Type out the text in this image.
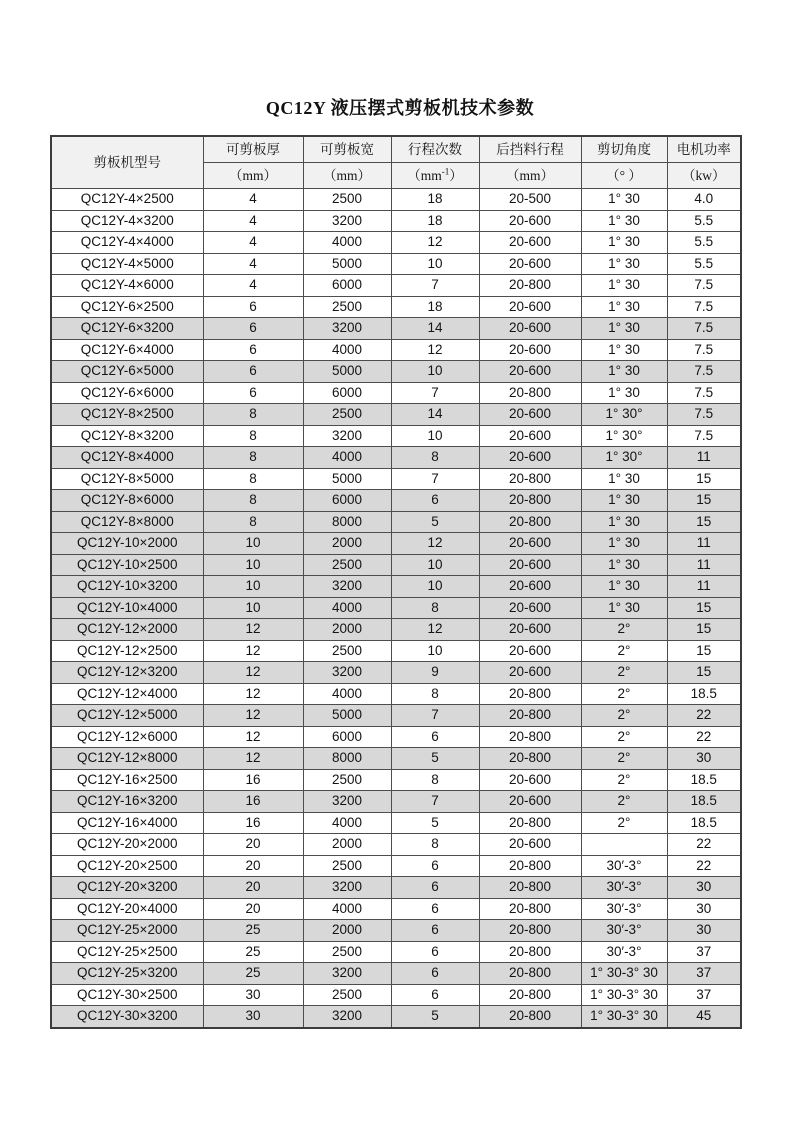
QC12Y 液压摆式剪板机技术参数
剪板机型号	可剪板厚	可剪板宽	行程次数	后挡料行程	剪切角度	电机功率
	（mm）	（mm）	$(mm^{-1})$	（mm）	（° ）	（kw）
QC12Y-4×2500	4	2500	18	20-500	1° 30	4.0
QC12Y-4×3200	4	3200	18	20-600	1° 30	5.5
QC12Y-4×4000	4	4000	12	20-600	1° 30	5.5
QC12Y-4×5000	4	5000	10	20-600	1° 30	5.5
QC12Y-4×6000	4	6000	7	20-800	1° 30	7.5
QC12Y-6×2500	6	2500	18	20-600	1° 30	7.5
QC12Y-6×3200	6	3200	14	20-600	1° 30	7.5
QC12Y-6×4000	6	4000	12	20-600	1° 30	7.5
QC12Y-6×5000	6	5000	10	20-600	1° 30	7.5
QC12Y-6×6000	6	6000	7	20-800	1° 30	7.5
QC12Y-8×2500	8	2500	14	20-600	1° 30°	7.5
QC12Y-8×3200	8	3200	10	20-600	1° 30°	7.5
QC12Y-8×4000	8	4000	8	20-600	1° 30°	11
QC12Y-8×5000	8	5000	7	20-800	1° 30	15
QC12Y-8×6000	8	6000	6	20-800	1° 30	15
QC12Y-8×8000	8	8000	5	20-800	1° 30	15
QC12Y-10×2000	10	2000	12	20-600	1° 30	11
QC12Y-10×2500	10	2500	10	20-600	1° 30	11
QC12Y-10×3200	10	3200	10	20-600	1° 30	11
QC12Y-10×4000	10	4000	8	20-600	1° 30	15
QC12Y-12×2000	12	2000	12	20-600	2°	15
QC12Y-12×2500	12	2500	10	20-600	2°	15
QC12Y-12×3200	12	3200	9	20-600	2°	15
QC12Y-12×4000	12	4000	8	20-800	2°	18.5
QC12Y-12×5000	12	5000	7	20-800	2°	22
QC12Y-12×6000	12	6000	6	20-800	2°	22
QC12Y-12×8000	12	8000	5	20-800	2°	30
QC12Y-16×2500	16	2500	8	20-600	2°	18.5
QC12Y-16×3200	16	3200	7	20-600	2°	18.5
QC12Y-16×4000	16	4000	5	20-800	2°	18.5
QC12Y-20×2000	20	2000	8	20-600		22
QC12Y-20×2500	20	2500	6	20-800	30′-3°	22
QC12Y-20×3200	20	3200	6	20-800	30′-3°	30
QC12Y-20×4000	20	4000	6	20-800	30′-3°	30
QC12Y-25×2000	25	2000	6	20-800	30′-3°	30
QC12Y-25×2500	25	2500	6	20-800	30′-3°	37
QC12Y-25×3200	25	3200	6	20-800	1° 30-3° 30	37
QC12Y-30×2500	30	2500	6	20-800	1° 30-3° 30	37
QC12Y-30×3200	30	3200	5	20-800	1° 30-3° 30	45
